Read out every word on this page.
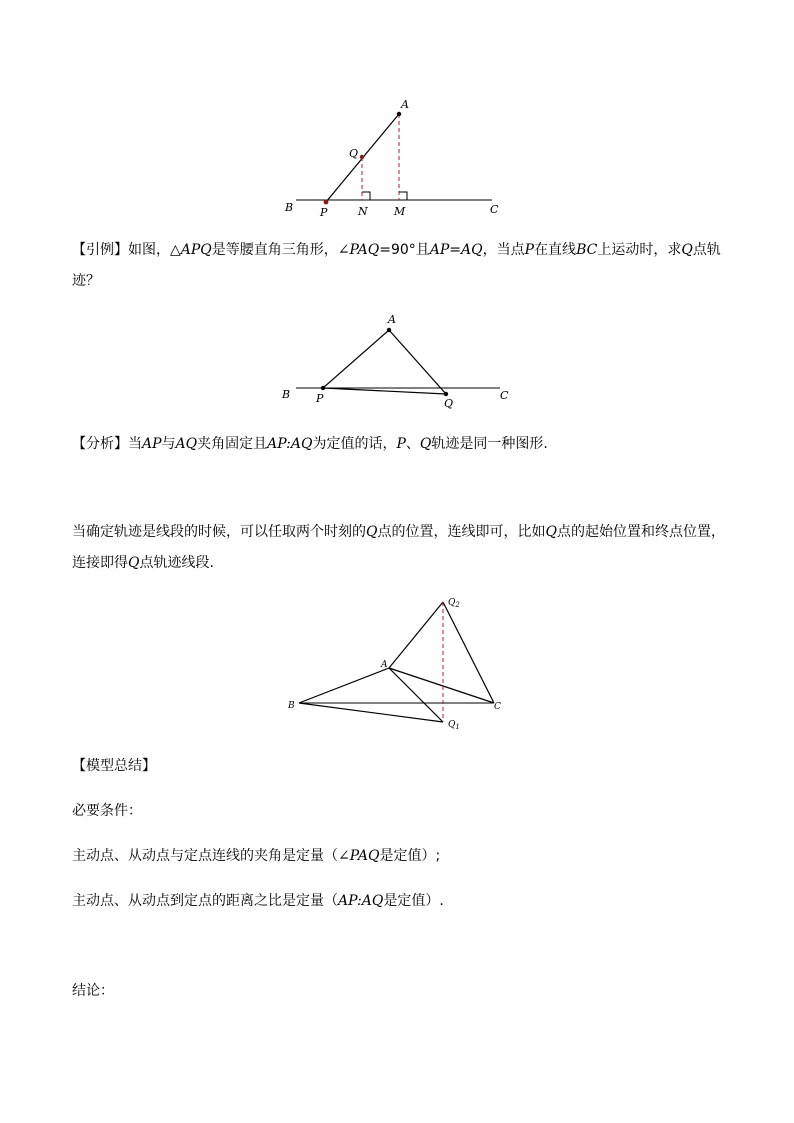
A
Q
B P	N M	C
【引例】如图，△APQ是等腰直角三角形，∠PAQ=90°且AP=AQ，当点P在直线BC上运动时，求Q点轨迹？
A
B P	Q
C
【分析】当AP与AQ夹角固定且AP:AQ为定值的话，P、Q轨迹是同一种图形.
当确定轨迹是线段的时候，可以任取两个时刻的Q点的位置，连线即可，比如Q点的起始位置和终点位置，连接即得Q点轨迹线段.
$Q_2$
A
B	C
$Q_1$
【模型总结】
必要条件：
主动点、从动点与定点连线的夹角是定量（∠PAQ是定值）;
主动点、从动点到定点的距离之比是定量（AP:AQ是定值）.
结论：
